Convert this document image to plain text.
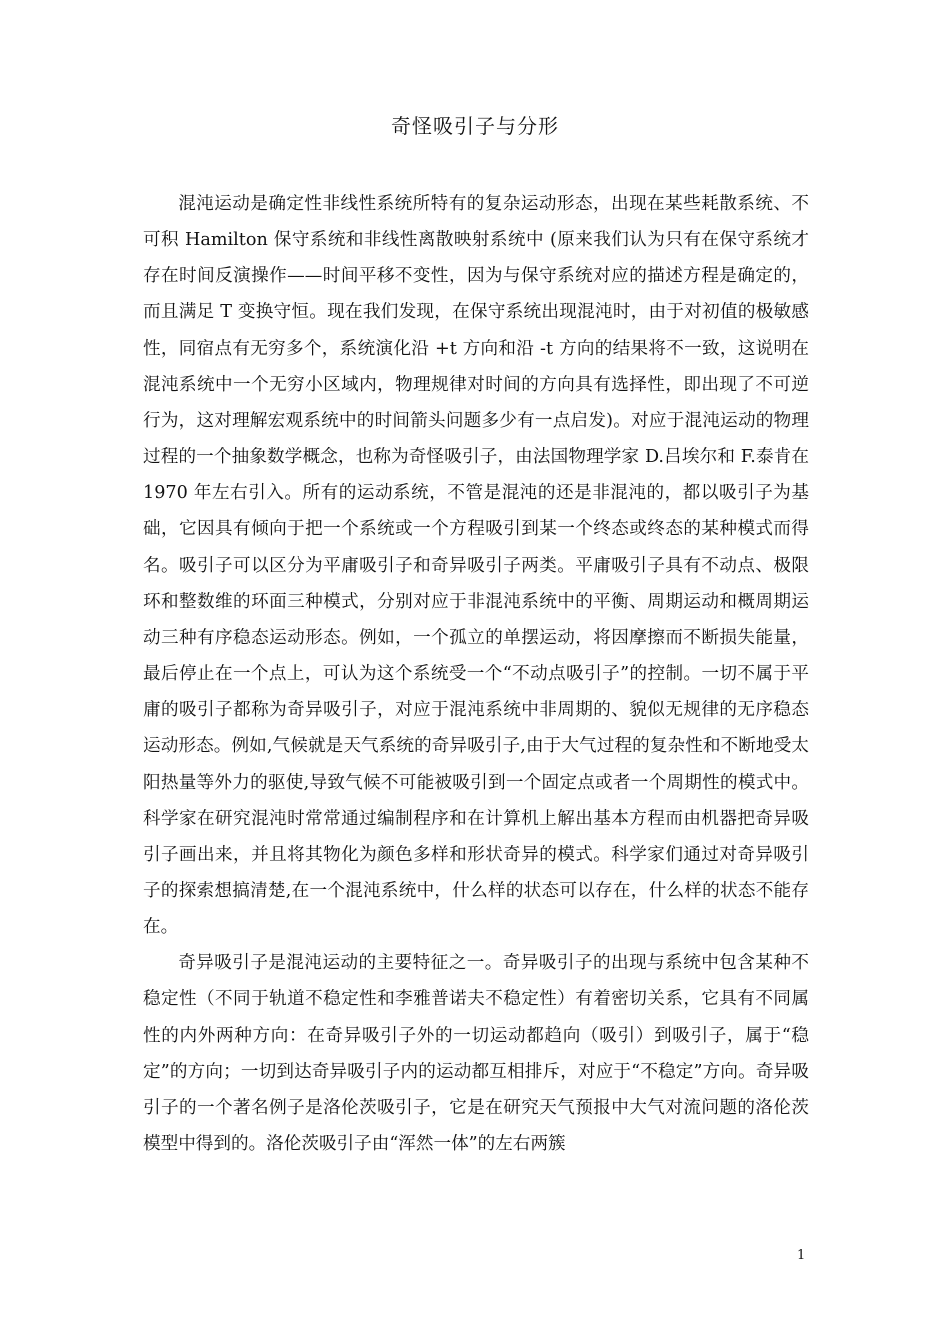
奇怪吸引子与分形

混沌运动是确定性非线性系统所特有的复杂运动形态，出现在某些耗散系统、不可积 Hamilton 保守系统和非线性离散映射系统中 (原来我们认为只有在保守系统才存在时间反演操作——时间平移不变性，因为与保守系统对应的描述方程是确定的，而且满足 T 变换守恒。现在我们发现，在保守系统出现混沌时，由于对初值的极敏感性，同宿点有无穷多个，系统演化沿 +t 方向和沿 -t 方向的结果将不一致，这说明在混沌系统中一个无穷小区域内，物理规律对时间的方向具有选择性，即出现了不可逆行为，这对理解宏观系统中的时间箭头问题多少有一点启发)。对应于混沌运动的物理过程的一个抽象数学概念，也称为奇怪吸引子，由法国物理学家 D.吕埃尔和 F.泰肯在 1970 年左右引入。所有的运动系统，不管是混沌的还是非混沌的，都以吸引子为基础，它因具有倾向于把一个系统或一个方程吸引到某一个终态或终态的某种模式而得名。吸引子可以区分为平庸吸引子和奇异吸引子两类。平庸吸引子具有不动点、极限环和整数维的环面三种模式，分别对应于非混沌系统中的平衡、周期运动和概周期运动三种有序稳态运动形态。例如，一个孤立的单摆运动，将因摩擦而不断损失能量，最后停止在一个点上，可认为这个系统受一个“不动点吸引子”的控制。一切不属于平庸的吸引子都称为奇异吸引子，对应于混沌系统中非周期的、貌似无规律的无序稳态运动形态。例如,气候就是天气系统的奇异吸引子,由于大气过程的复杂性和不断地受太阳热量等外力的驱使,导致气候不可能被吸引到一个固定点或者一个周期性的模式中。科学家在研究混沌时常常通过编制程序和在计算机上解出基本方程而由机器把奇异吸引子画出来，并且将其物化为颜色多样和形状奇异的模式。科学家们通过对奇异吸引子的探索想搞清楚,在一个混沌系统中，什么样的状态可以存在，什么样的状态不能存在。

奇异吸引子是混沌运动的主要特征之一。奇异吸引子的出现与系统中包含某种不稳定性（不同于轨道不稳定性和李雅普诺夫不稳定性）有着密切关系，它具有不同属性的内外两种方向：在奇异吸引子外的一切运动都趋向（吸引）到吸引子，属于“稳定”的方向；一切到达奇异吸引子内的运动都互相排斥，对应于“不稳定”方向。奇异吸引子的一个著名例子是洛伦茨吸引子，它是在研究天气预报中大气对流问题的洛伦茨模型中得到的。洛伦茨吸引子由“浑然一体”的左右两簇

1
